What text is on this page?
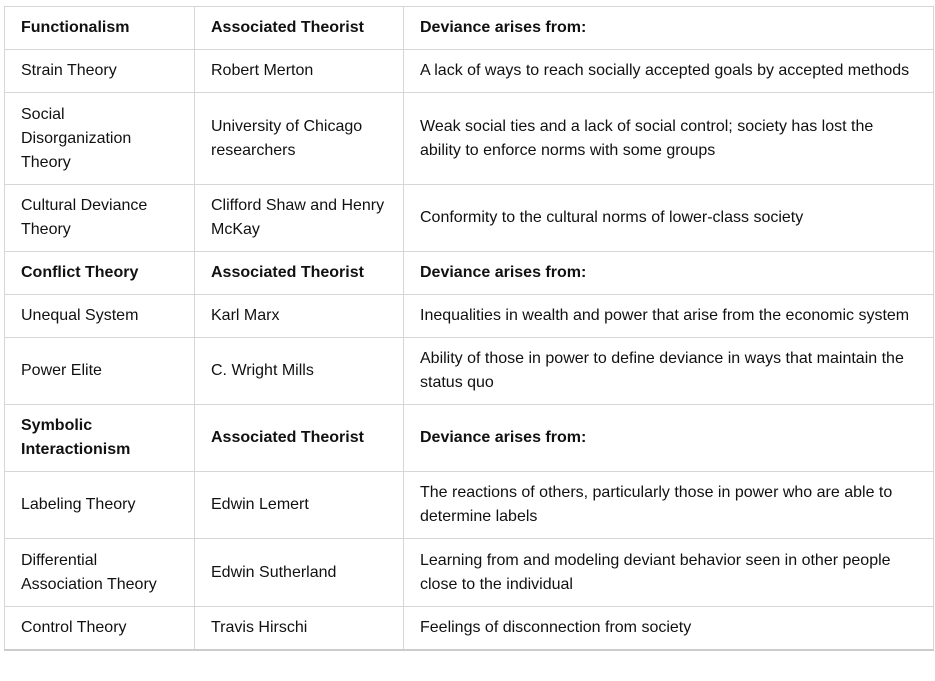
Functionalism	Associated Theorist	Deviance arises from:

Strain Theory	Robert Merton	A lack of ways to reach socially accepted goals by accepted methods

Social Disorganization Theory	University of Chicago researchers	Weak social ties and a lack of social control; society has lost the ability to enforce norms with some groups

Cultural Deviance Theory	Clifford Shaw and Henry McKay	Conformity to the cultural norms of lower-class society

Conflict Theory	Associated Theorist	Deviance arises from:

Unequal System	Karl Marx	Inequalities in wealth and power that arise from the economic system

Power Elite	C. Wright Mills	Ability of those in power to define deviance in ways that maintain the status quo

Symbolic Interactionism	Associated Theorist	Deviance arises from:

Labeling Theory	Edwin Lemert	The reactions of others, particularly those in power who are able to determine labels

Differential Association Theory	Edwin Sutherland	Learning from and modeling deviant behavior seen in other people close to the individual

Control Theory	Travis Hirschi	Feelings of disconnection from society
